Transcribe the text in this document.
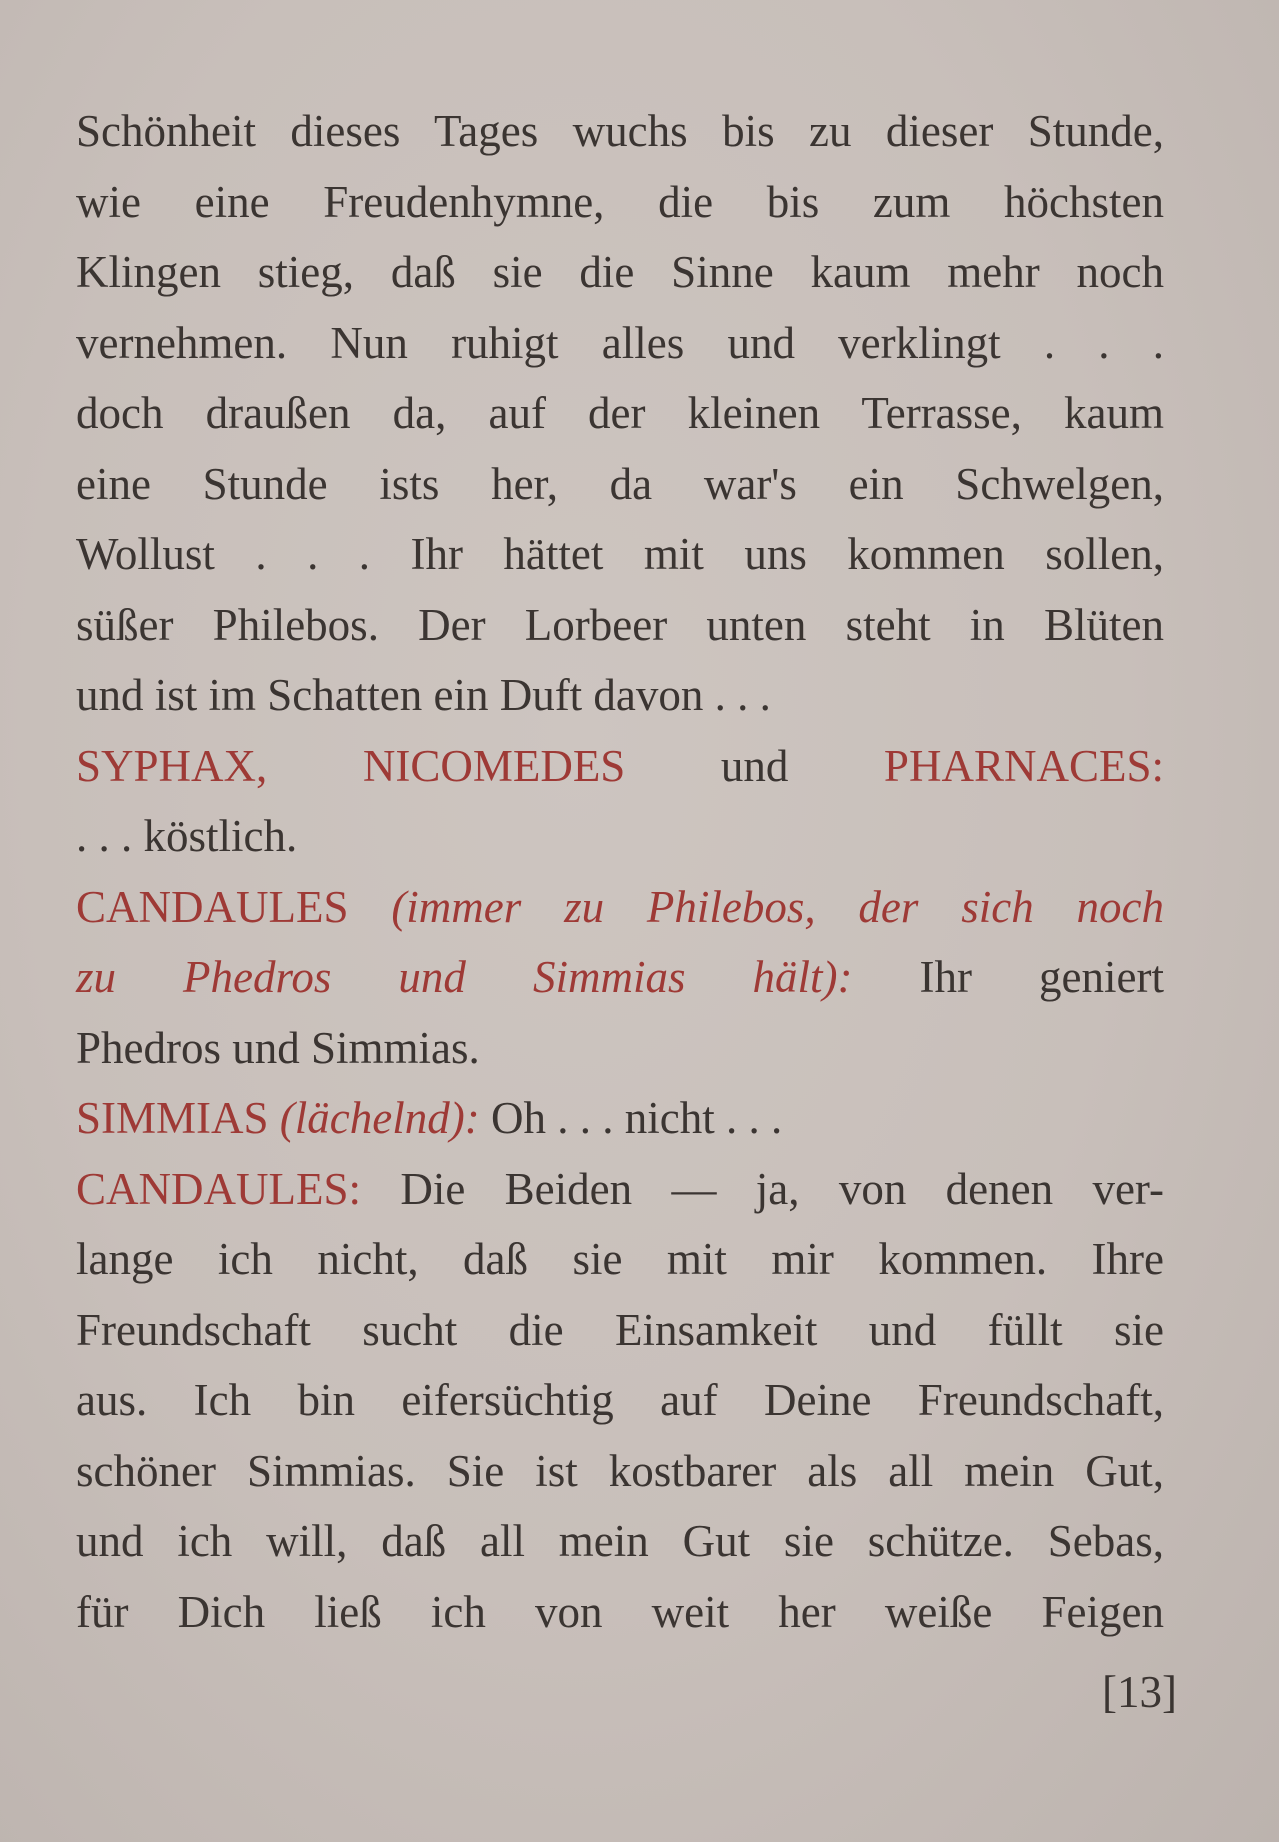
Schönheit dieses Tages wuchs bis zu dieser Stunde,
wie eine Freudenhymne, die bis zum höchsten
Klingen stieg, daß sie die Sinne kaum mehr noch
vernehmen. Nun ruhigt alles und verklingt . . .
doch draußen da, auf der kleinen Terrasse, kaum
eine Stunde ists her, da war's ein Schwelgen,
Wollust . . . Ihr hättet mit uns kommen sollen,
süßer Philebos. Der Lorbeer unten steht in Blüten
und ist im Schatten ein Duft davon . . .
SYPHAX, NICOMEDES und PHARNACES:
. . . köstlich.
CANDAULES (immer zu Philebos, der sich noch
zu Phedros und Simmias hält): Ihr geniert
Phedros und Simmias.
SIMMIAS (lächelnd): Oh . . . nicht . . .
CANDAULES: Die Beiden — ja, von denen ver-
lange ich nicht, daß sie mit mir kommen. Ihre
Freundschaft sucht die Einsamkeit und füllt sie
aus. Ich bin eifersüchtig auf Deine Freundschaft,
schöner Simmias. Sie ist kostbarer als all mein Gut,
und ich will, daß all mein Gut sie schütze. Sebas,
für Dich ließ ich von weit her weiße Feigen
[13]
